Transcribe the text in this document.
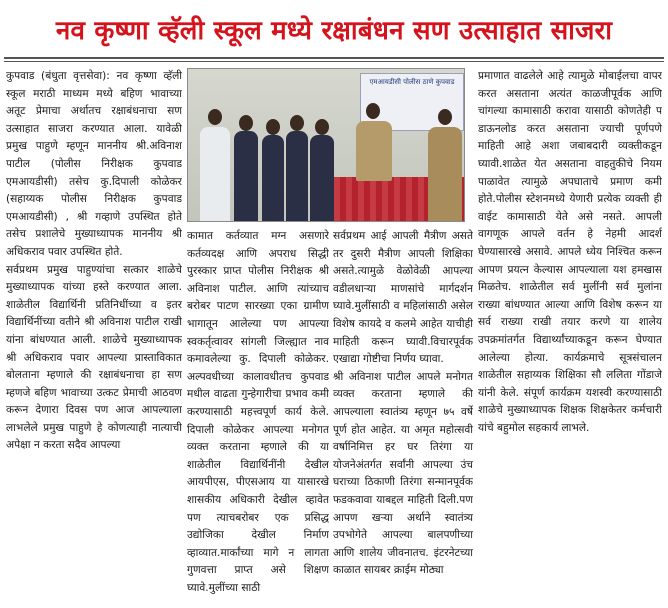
नव कृष्णा व्हॅली स्कूल मध्ये रक्षाबंधन सण उत्साहात साजरा
कुपवाड (बंधुता वृत्तसेवा): नव कृष्णा व्हॅली स्कूल मराठी माध्यम मध्ये बहिण भावाच्या अतूट प्रेमाचा अर्थातच रक्षाबंधनाचा सण उत्साहात साजरा करण्यात आला. यावेळी प्रमुख पाहुणे म्हणून माननीय श्री.अविनाश पाटील (पोलीस निरीक्षक कुपवाड एमआयडीसी) तसेच कु.दिपाली कोळेकर (सहाय्यक पोलीस निरीक्षक कुपवाड एमआयडीसी) , श्री गव्हाणे उपस्थित होते तसेच प्रशालेचे मुख्याध्यापक माननीय श्री अधिकराव पवार उपस्थित होते.
सर्वप्रथम प्रमुख पाहुण्यांचा सत्कार शाळेचे मुख्याध्यापक यांच्या हस्ते करण्यात आला. शाळेतील विद्यार्थिनी प्रतिनिधींच्या व इतर विद्यार्थिनींच्या वतीने श्री अविनाश पाटील राखी यांना बांधण्यात आली. शाळेचे मुख्याध्यापक श्री अधिकराव पवार आपल्या प्रास्ताविकात बोलताना म्हणाले की रक्षाबंधनाचा हा सण म्हणजे बहिण भावाच्या उत्कट प्रेमाची आठवण करून देणारा दिवस पण आज आपल्याला लाभलेले प्रमुख पाहुणे हे कोणत्याही नात्याची अपेक्षा न करता सदैव आपल्या
एमआयडीसी पोलीस ठाणे कुपवाड
कामात कर्तव्यात मग्न असणारे कर्तव्यदक्ष आणि अपराध सिद्धी पुरस्कार प्राप्त पोलीस निरीक्षक श्री अविनाश पाटील. आणि त्यांच्याच बरोबर पाटण सारख्या एका ग्रामीण भागातून आलेल्या पण आपल्या स्वकर्तृत्वावर सांगली जिल्ह्यात नाव कमावलेल्या कु. दिपाली कोळेकर. अल्पवधीच्या कालावधीतच कुपवाड मधील वाढता गुन्हेगारीचा प्रभाव कमी करण्यासाठी महत्त्वपूर्ण कार्य केले. दिपाली कोळेकर आपल्या मनोगत व्यक्त करताना म्हणाले की या शाळेतील विद्यार्थिनींनी देखील आयपीएस, पीएसआय या यासारखे शासकीय अधिकारी देखील व्हावेत पण त्याचबरोबर एक प्रसिद्ध उद्योजिका देखील निर्माण व्हाव्यात.मार्कांच्या मागे न लागता गुणवत्ता प्राप्त असे शिक्षण घ्यावे.मुलींच्या साठी
सर्वप्रथम आई आपली मैत्रीण असते तर दुसरी मैत्रीण आपली शिक्षिका असते.त्यामुळे वेळोवेळी आपल्या वडीलधाऱ्या माणसांचे मार्गदर्शन घ्यावे.मुलींसाठी व महिलांसाठी असेल विशेष कायदे व कलमे आहेत याचीही माहिती करून घ्यावी.विचारपूर्वक एखाद्या गोष्टीचा निर्णय घ्यावा.
श्री अविनाश पाटील आपले मनोगत व्यक्त करताना म्हणाले की आपल्याला स्वातंत्र्य म्हणून ७५ वर्षे पूर्ण होत आहेत. या अमृत महोत्सवी वर्षानिमित्त हर घर तिरंगा या योजनेअंतर्गत सर्वांनी आपल्या उंच घराच्या ठिकाणी तिरंगा सन्मानपूर्वक फडकवावा याबद्दल माहिती दिली.पण आपण खऱ्या अर्थाने स्वातंत्र्य उपभोगेते आपल्या बालपणीच्या आणि शालेय जीवनातच. इंटरनेटच्या काळात सायबर क्राईम मोठ्या
प्रमाणात वाढलेले आहे त्यामुळे मोबाईलचा वापर करत असताना अत्यंत काळजीपूर्वक आणि चांगल्या कामासाठी करावा यासाठी कोणतेही प डाऊनलोड करत असताना ज्याची पूर्णपणे माहिती आहे अशा जबाबदारी व्यक्तीकडून घ्यावी.शाळेत येत असताना वाहतुकीचे नियम पाळावेत त्यामुळे अपघाताचे प्रमाण कमी होते.पोलीस स्टेशनमध्ये येणारी प्रत्येक व्यक्ती ही वाईट कामासाठी येते असे नसते. आपली वागणूक आपले वर्तन हे नेहमी आदर्श घेण्यासारखे असावे. आपले ध्येय निश्चित करून आपण प्रयत्न केल्यास आपल्याला यश हमखास मिळतेच. शाळेतील सर्व मुलींनी सर्व मुलांना राख्या बांधण्यात आल्या आणि विशेष करून या सर्व राख्या राखी तयार करणे या शालेय उपक्रमांतर्गत विद्यार्थ्यांच्याकडून करून घेण्यात आलेल्या होत्या. कार्यक्रमाचे सूत्रसंचालन शाळेतील सहाय्यक शिक्षिका सौ ललिता गोंडाजे यांनी केले. संपूर्ण कार्यक्रम यशस्वी करण्यासाठी शाळेचे मुख्याध्यापक शिक्षक शिक्षकेतर कर्मचारी यांचे बहुमोल सहकार्य लाभले.
